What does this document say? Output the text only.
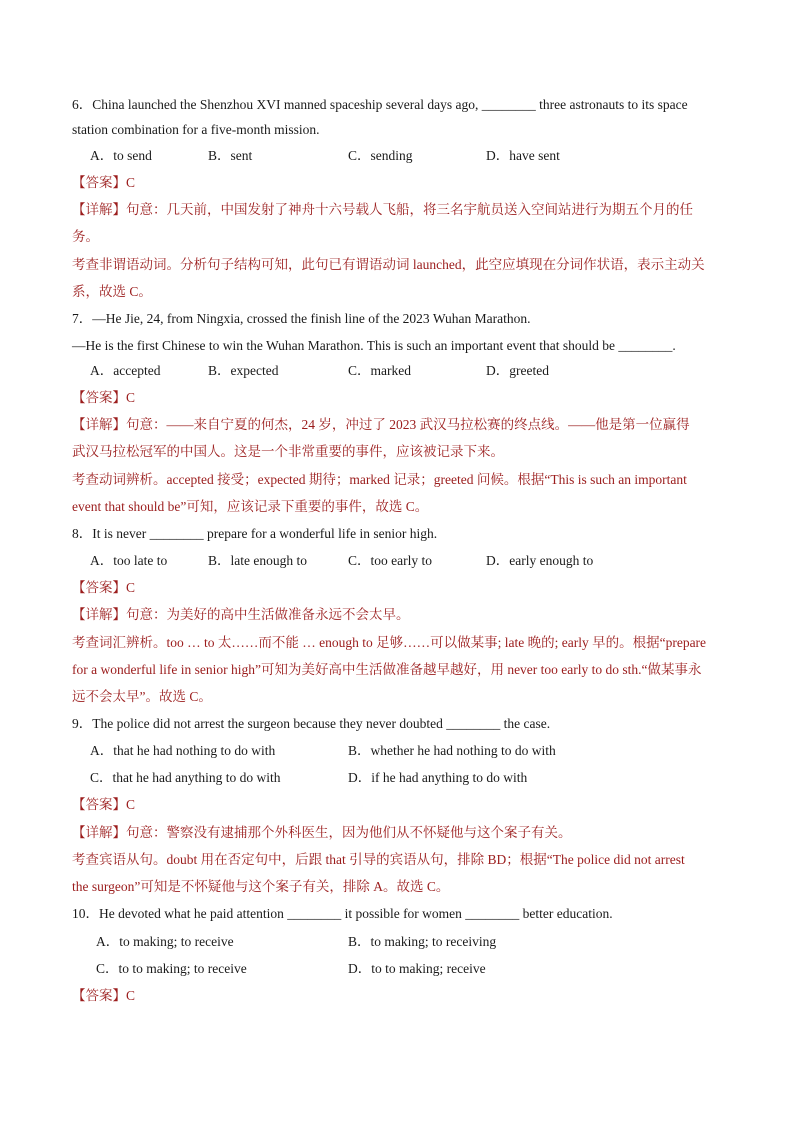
6．China launched the Shenzhou XVI manned spaceship several days ago, ________ three astronauts to its space
station combination for a five-month mission.
A．to send	B．sent	C．sending	D．have sent
【答案】C
【详解】句意：几天前，中国发射了神舟十六号载人飞船，将三名宇航员送入空间站进行为期五个月的任
务。
考查非谓语动词。分析句子结构可知，此句已有谓语动词 launched，此空应填现在分词作状语，表示主动关
系，故选 C。
7．—He Jie, 24, from Ningxia, crossed the finish line of the 2023 Wuhan Marathon.
—He is the first Chinese to win the Wuhan Marathon. This is such an important event that should be ________.
A．accepted	B．expected	C．marked	D．greeted
【答案】C
【详解】句意：——来自宁夏的何杰，24 岁，冲过了 2023 武汉马拉松赛的终点线。——他是第一位赢得
武汉马拉松冠军的中国人。这是一个非常重要的事件，应该被记录下来。
考查动词辨析。accepted 接受；expected 期待；marked 记录；greeted 问候。根据“This is such an important
event that should be”可知，应该记录下重要的事件，故选 C。
8．It is never ________ prepare for a wonderful life in senior high.
A．too late to	B．late enough to	C．too early to	D．early enough to
【答案】C
【详解】句意：为美好的高中生活做准备永远不会太早。
考查词汇辨析。too … to 太……而不能 … enough to 足够……可以做某事; late 晚的; early 早的。根据“prepare
for a wonderful life in senior high”可知为美好高中生活做准备越早越好，用 never too early to do sth.“做某事永
远不会太早”。故选 C。
9．The police did not arrest the surgeon because they never doubted ________ the case.
A．that he had nothing to do with	B．whether he had nothing to do with
C．that he had anything to do with	D．if he had anything to do with
【答案】C
【详解】句意：警察没有逮捕那个外科医生，因为他们从不怀疑他与这个案子有关。
考查宾语从句。doubt 用在否定句中，后跟 that 引导的宾语从句，排除 BD；根据“The police did not arrest
the surgeon”可知是不怀疑他与这个案子有关，排除 A。故选 C。
10．He devoted what he paid attention ________ it possible for women ________ better education.
A．to making; to receive	B．to making; to receiving
C．to to making; to receive	D．to to making; receive
【答案】C
